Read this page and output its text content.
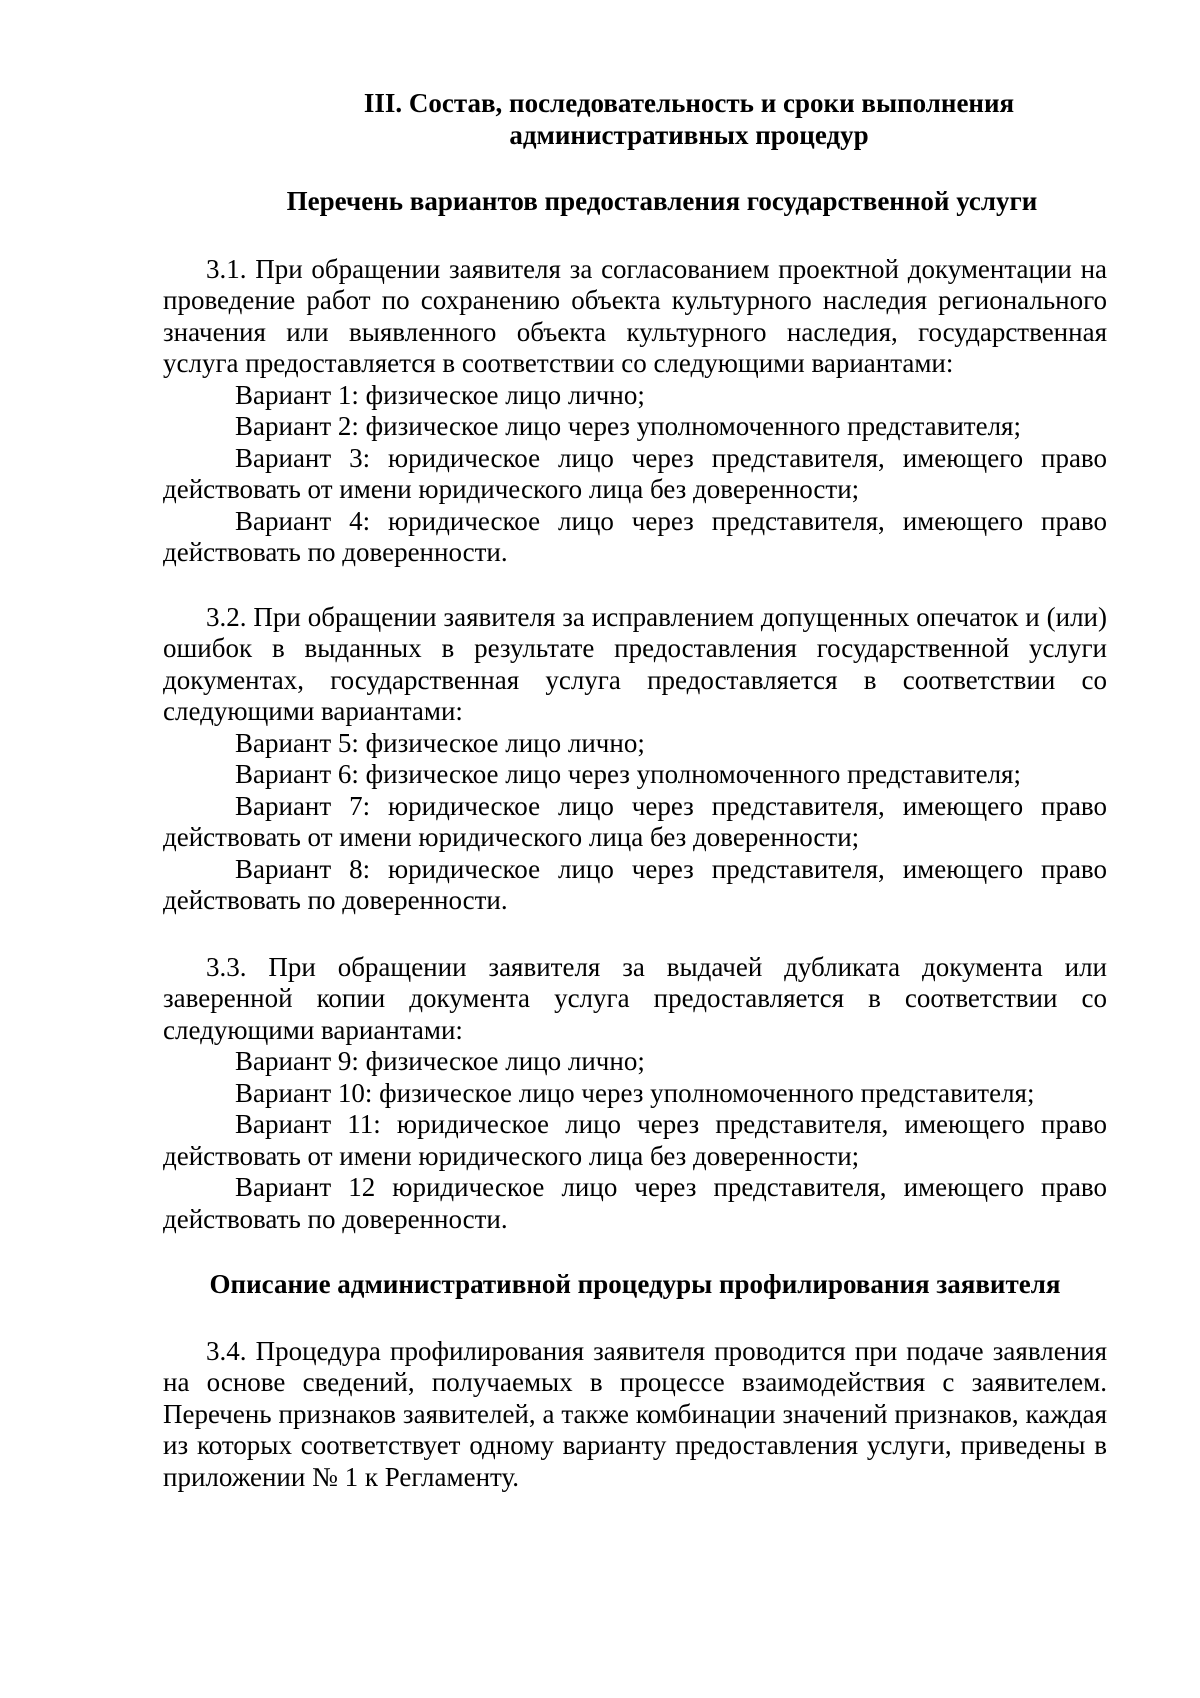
III. Состав, последовательность и сроки выполнения
административных процедур
Перечень вариантов предоставления государственной услуги

3.1. При обращении заявителя за согласованием проектной документации на проведение работ по сохранению объекта культурного наследия регионального значения или выявленного объекта культурного наследия, государственная услуга предоставляется в соответствии со следующими вариантами:

Вариант 1: физическое лицо лично;

Вариант 2: физическое лицо через уполномоченного представителя;

Вариант 3: юридическое лицо через представителя, имеющего право действовать от имени юридического лица без доверенности;

Вариант 4: юридическое лицо через представителя, имеющего право действовать по доверенности.

3.2. При обращении заявителя за исправлением допущенных опечаток и (или) ошибок в выданных в результате предоставления государственной услуги документах, государственная услуга предоставляется в соответствии со следующими вариантами:

Вариант 5: физическое лицо лично;

Вариант 6: физическое лицо через уполномоченного представителя;

Вариант 7: юридическое лицо через представителя, имеющего право действовать от имени юридического лица без доверенности;

Вариант 8: юридическое лицо через представителя, имеющего право действовать по доверенности.

3.3. При обращении заявителя за выдачей дубликата документа или заверенной копии документа услуга предоставляется в соответствии со следующими вариантами:

Вариант 9: физическое лицо лично;

Вариант 10: физическое лицо через уполномоченного представителя;

Вариант 11: юридическое лицо через представителя, имеющего право действовать от имени юридического лица без доверенности;

Вариант 12 юридическое лицо через представителя, имеющего право действовать по доверенности.

Описание административной процедуры профилирования заявителя

3.4. Процедура профилирования заявителя проводится при подаче заявления на основе сведений, получаемых в процессе взаимодействия с заявителем. Перечень признаков заявителей, а также комбинации значений признаков, каждая из которых соответствует одному варианту предоставления услуги, приведены в приложении № 1 к Регламенту.
